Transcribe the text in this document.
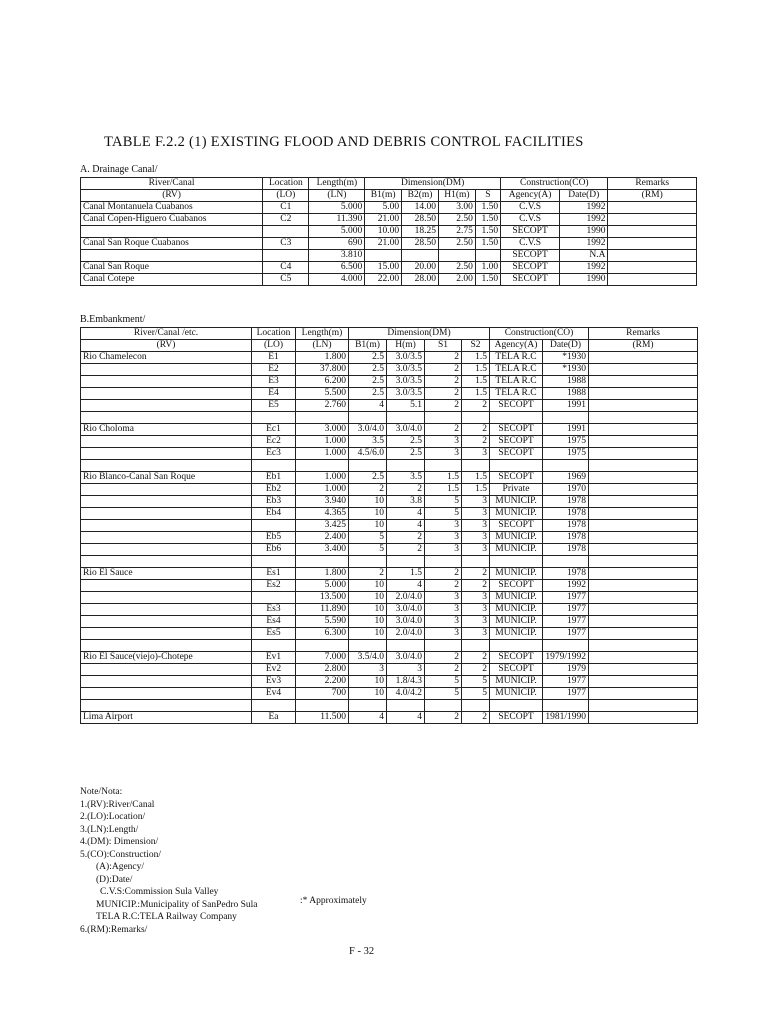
TABLE F.2.2 (1) EXISTING FLOOD AND DEBRIS CONTROL FACILITIES
A. Drainage Canal/
River/Canal	Location	Length(m)	Dimension(DM)				Construction(CO)		Remarks
(RV)	(LO)	(LN)	B1(m)	B2(m)	H1(m)	S	Agency(A)	Date(D)	(RM)
Canal Montanuela Cuabanos	C1	5.000	5.00	14.00	3.00	1.50	C.V.S	1992	
Canal Copen-Higuero Cuabanos	C2	11.390	21.00	28.50	2.50	1.50	C.V.S	1992	
		5.000	10.00	18.25	2.75	1.50	SECOPT	1990	
Canal San Roque Cuabanos	C3	690	21.00	28.50	2.50	1.50	C.V.S	1992	
		3.810					SECOPT	N.A	
Canal San Roque	C4	6.500	15.00	20.00	2.50	1.00	SECOPT	1992	
Canal Cotepe	C5	4.000	22.00	28.00	2.00	1.50	SECOPT	1990	
B.Embankment/
River/Canal /etc.	Location	Length(m)	Dimension(DM)				Construction(CO)		Remarks
(RV)	(LO)	(LN)	B1(m)	H(m)	S1	S2	Agency(A)	Date(D)	(RM)
Rio Chamelecon	E1	1.800	2.5	3.0/3.5	2	1.5	TELA R.C	*1930	
	E2	37.800	2.5	3.0/3.5	2	1.5	TELA R.C	*1930	
	E3	6.200	2.5	3.0/3.5	2	1.5	TELA R.C	1988	
	E4	5.500	2.5	3.0/3.5	2	1.5	TELA R.C	1988	
	E5	2.760	4	5.1	2	2	SECOPT	1991	

Rio Choloma	Ec1	3.000	3.0/4.0	3.0/4.0	2	2	SECOPT	1991	
	Ec2	1.000	3.5	2.5	3	2	SECOPT	1975	
	Ec3	1.000	4.5/6.0	2.5	3	3	SECOPT	1975	

Rio Blanco-Canal San Roque	Eb1	1.000	2.5	3.5	1.5	1.5	SECOPT	1969	
	Eb2	1.000	2	2	1.5	1.5	Private	1970	
	Eb3	3.940	10	3.8	5	3	MUNICIP.	1978	
	Eb4	4.365	10	4	5	3	MUNICIP.	1978	
		3.425	10	4	3	3	SECOPT	1978	
	Eb5	2.400	5	2	3	3	MUNICIP.	1978	
	Eb6	3.400	5	2	3	3	MUNICIP.	1978	

Rio El Sauce	Es1	1.800	2	1.5	2	2	MUNICIP.	1978	
	Es2	5.000	10	4	2	2	SECOPT	1992	
		13.500	10	2.0/4.0	3	3	MUNICIP.	1977	
	Es3	11.890	10	3.0/4.0	3	3	MUNICIP.	1977	
	Es4	5.590	10	3.0/4.0	3	3	MUNICIP.	1977	
	Es5	6.300	10	2.0/4.0	3	3	MUNICIP.	1977	

Rio El Sauce(viejo)-Chotepe	Ev1	7.000	3.5/4.0	3.0/4.0	2	2	SECOPT	1979/1992	
	Ev2	2.800	3	3	2	2	SECOPT	1979	
	Ev3	2.200	10	1.8/4.3	5	5	MUNICIP.	1977	
	Ev4	700	10	4.0/4.2	5	5	MUNICIP.	1977	

Lima Airport	Ea	11.500	4	4	2	2	SECOPT	1981/1990	
Note/Nota:
1.(RV):River/Canal
2.(LO):Location/
3.(LN):Length/
4.(DM): Dimension/
5.(CO):Construction/
(A):Agency/
(D):Date/
C.V.S:Commission Sula Valley
MUNICIP.:Municipality of SanPedro Sula
TELA R.C:TELA Railway Company
6.(RM):Remarks/
:* Approximately
F - 32
